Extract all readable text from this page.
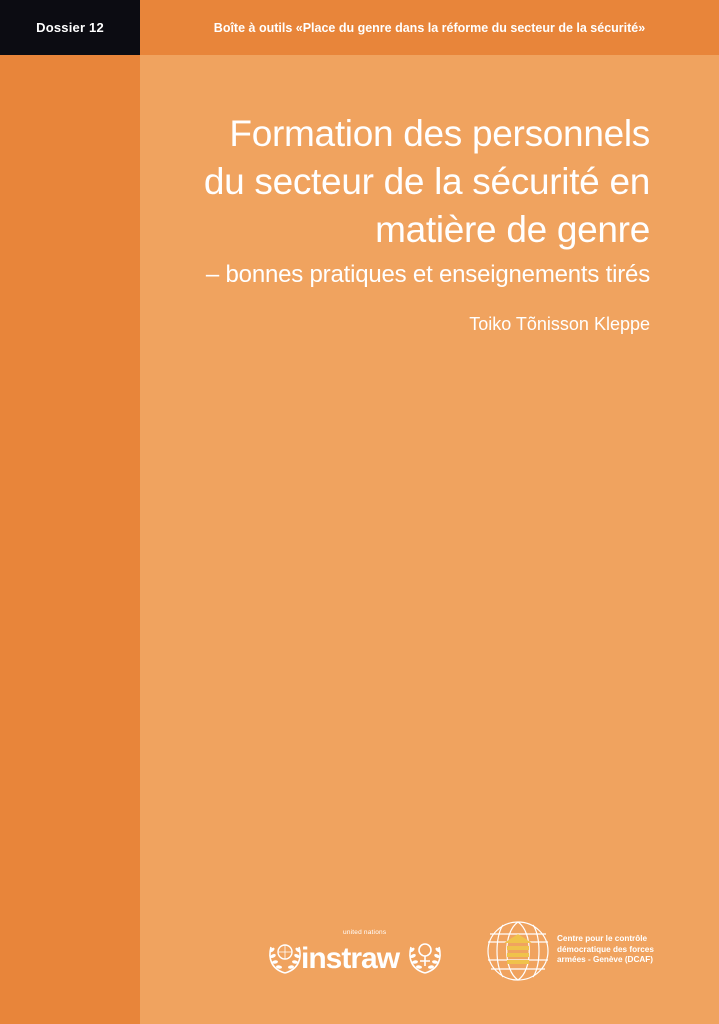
Dossier 12	Boîte à outils «Place du genre dans la réforme du secteur de la sécurité»
Formation des personnels
du secteur de la sécurité en
matière de genre

– bonnes pratiques et enseignements tirés

Toiko Tõnisson Kleppe

united nations
instraw
Centre pour le contrôle
démocratique des forces
armées - Genève (DCAF)
